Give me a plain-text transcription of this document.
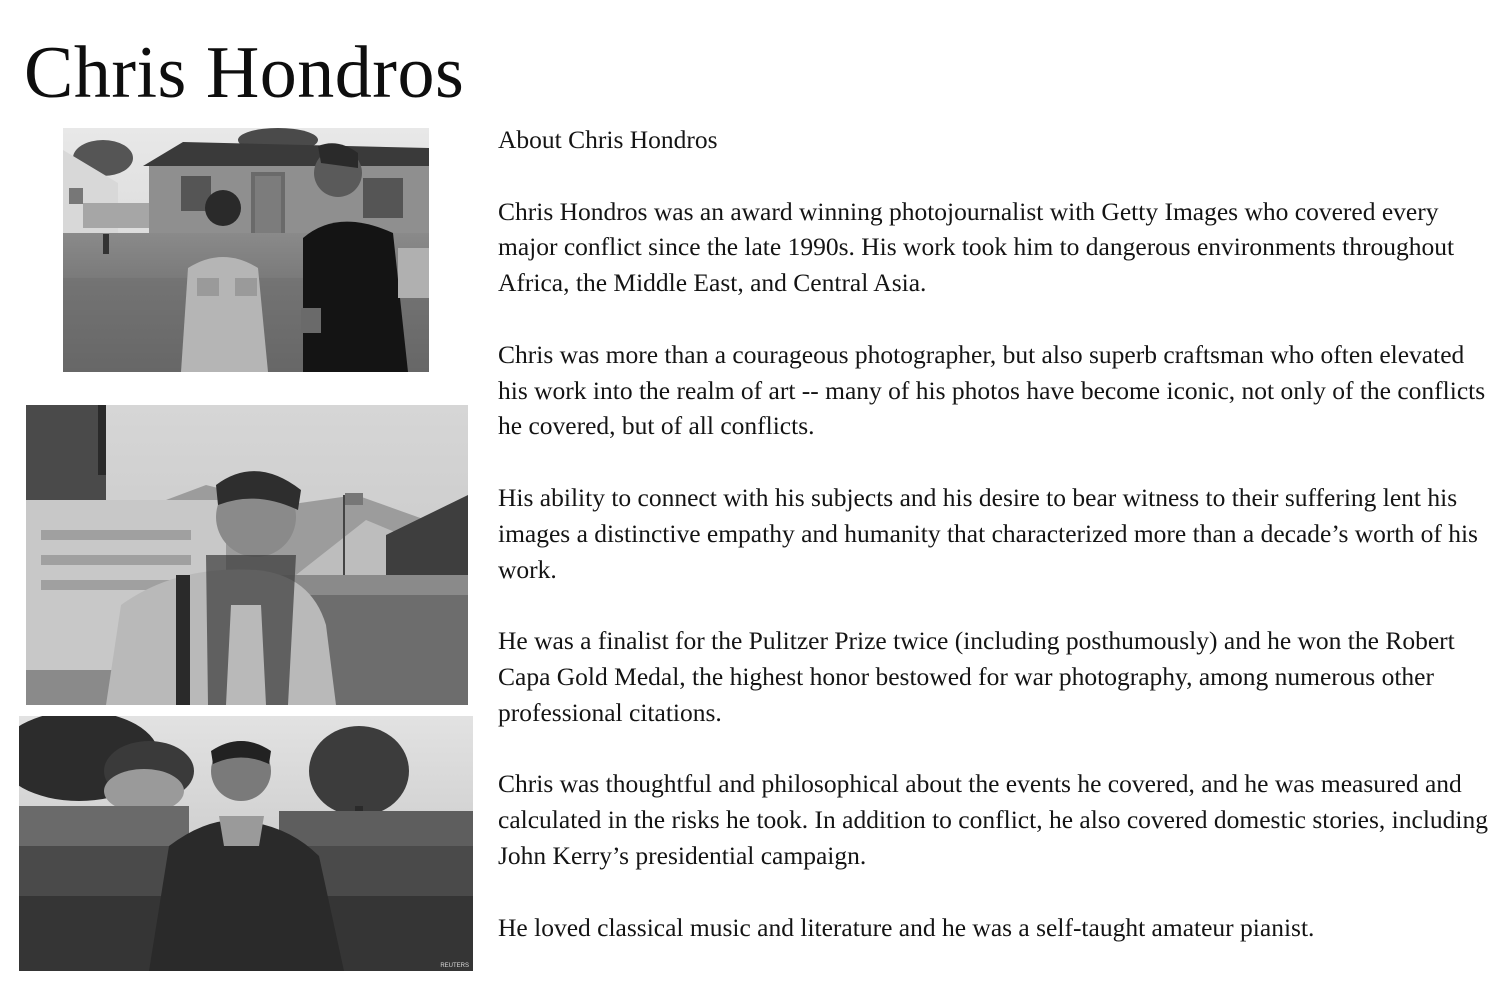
Chris Hondros
REUTERS

About Chris Hondros

Chris Hondros was an award winning photojournalist with Getty Images who covered every major conflict since the late 1990s. His work took him to dangerous environments throughout Africa, the Middle East, and Central Asia.

Chris was more than a courageous photographer, but also superb craftsman who often elevated his work into the realm of art -- many of his photos have become iconic, not only of the conflicts he covered, but of all conflicts.

His ability to connect with his subjects and his desire to bear witness to their suffering lent his images a distinctive empathy and humanity that characterized more than a decade’s worth of his work.

He was a finalist for the Pulitzer Prize twice (including posthumously) and he won the Robert Capa Gold Medal, the highest honor bestowed for war photography, among numerous other professional citations.

Chris was thoughtful and philosophical about the events he covered, and he was measured and calculated in the risks he took. In addition to conflict, he also covered domestic stories, including John Kerry’s presidential campaign.

He loved classical music and literature and he was a self-taught amateur pianist.
